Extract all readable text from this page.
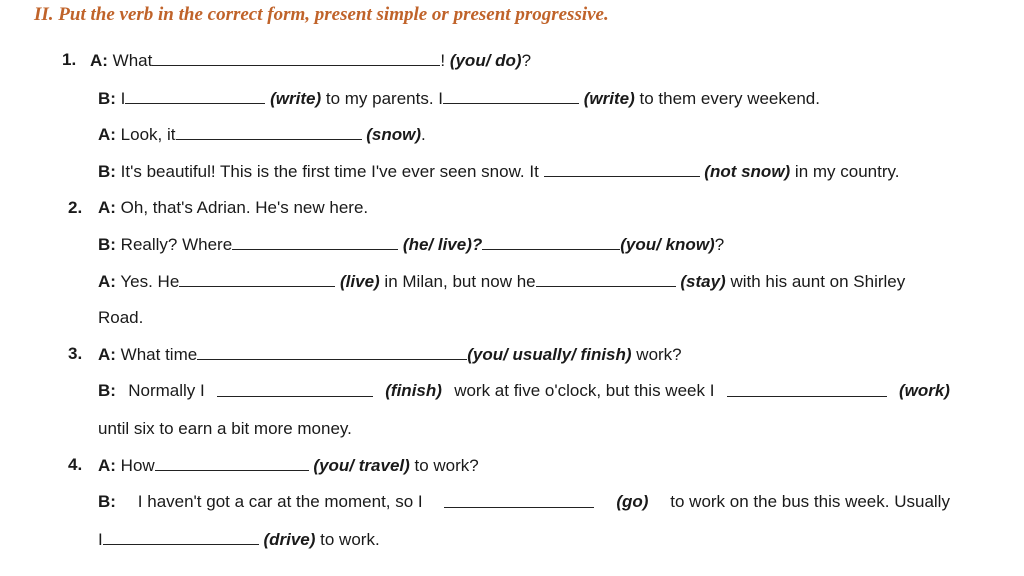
II. Put the verb in the correct form, present simple or present progressive.
1. A: What	! (you/ do)?
B: I	(write) to my parents. I	(write) to them every weekend.
A: Look, it	(snow).
B: It's beautiful! This is the first time I've ever seen snow. It	(not snow) in my country.
2. A: Oh, that's Adrian. He's new here.
B: Really? Where	(he/ live)?	(you/ know)?
A: Yes. He	(live) in Milan, but now he	(stay) with his aunt on Shirley
Road.
3. A: What time	(you/ usually/ finish) work?
B: Normally I	(finish) work at five o'clock, but this week I	(work)
until six to earn a bit more money.
4. A: How	(you/ travel) to work?
B: I haven't got a car at the moment, so I	(go) to work on the bus this week. Usually
I	(drive) to work.
